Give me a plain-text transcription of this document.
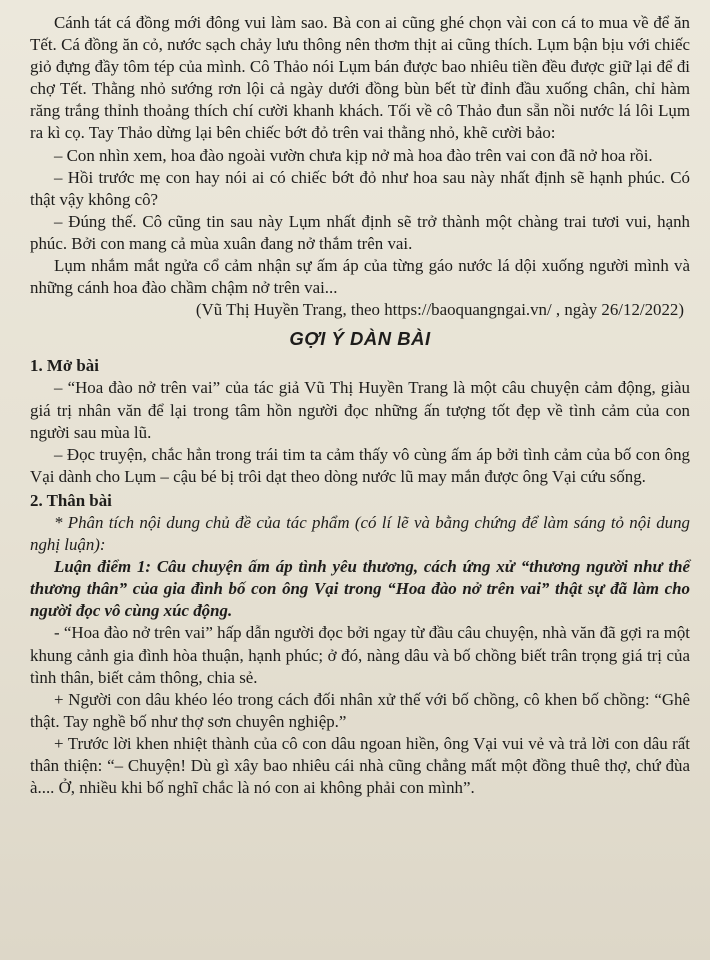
Cánh tát cá đồng mới đông vui làm sao. Bà con ai cũng ghé chọn vài con cá to mua về để ăn Tết. Cá đồng ăn cỏ, nước sạch chảy lưu thông nên thơm thịt ai cũng thích. Lụm bận bịu với chiếc giỏ đựng đầy tôm tép của mình. Cô Thảo nói Lụm bán được bao nhiêu tiền đều được giữ lại để đi chợ Tết. Thằng nhỏ sướng rơn lội cả ngày dưới đồng bùn bết từ đỉnh đầu xuống chân, chỉ hàm răng trắng thỉnh thoảng thích chí cười khanh khách. Tối về cô Thảo đun sẵn nồi nước lá lôi Lụm ra kì cọ. Tay Thảo dừng lại bên chiếc bớt đỏ trên vai thằng nhỏ, khẽ cười bảo:

– Con nhìn xem, hoa đào ngoài vườn chưa kịp nở mà hoa đào trên vai con đã nở hoa rồi.

– Hồi trước mẹ con hay nói ai có chiếc bớt đỏ như hoa sau này nhất định sẽ hạnh phúc. Có thật vậy không cô?

– Đúng thế. Cô cũng tin sau này Lụm nhất định sẽ trở thành một chàng trai tươi vui, hạnh phúc. Bởi con mang cả mùa xuân đang nở thắm trên vai.

Lụm nhắm mắt ngửa cổ cảm nhận sự ấm áp của từng gáo nước lá dội xuống người mình và những cánh hoa đào chầm chậm nở trên vai...

(Vũ Thị Huyền Trang, theo https://baoquangngai.vn/ , ngày 26/12/2022)

GỢI Ý DÀN BÀI

1. Mở bài

– “Hoa đào nở trên vai” của tác giả Vũ Thị Huyền Trang là một câu chuyện cảm động, giàu giá trị nhân văn để lại trong tâm hồn người đọc những ấn tượng tốt đẹp về tình cảm của con người sau mùa lũ.

– Đọc truyện, chắc hẳn trong trái tim ta cảm thấy vô cùng ấm áp bởi tình cảm của bố con ông Vại dành cho Lụm – cậu bé bị trôi dạt theo dòng nước lũ may mắn được ông Vại cứu sống.

2. Thân bài

* Phân tích nội dung chủ đề của tác phẩm (có lí lẽ và bằng chứng để làm sáng tỏ nội dung nghị luận):

Luận điểm 1: Câu chuyện ấm áp tình yêu thương, cách ứng xử “thương người như thể thương thân” của gia đình bố con ông Vại trong “Hoa đào nở trên vai” thật sự đã làm cho người đọc vô cùng xúc động.

- “Hoa đào nở trên vai” hấp dẫn người đọc bởi ngay từ đầu câu chuyện, nhà văn đã gợi ra một khung cảnh gia đình hòa thuận, hạnh phúc; ở đó, nàng dâu và bố chồng biết trân trọng giá trị của tình thân, biết cảm thông, chia sẻ.

+ Người con dâu khéo léo trong cách đối nhân xử thế với bố chồng, cô khen bố chồng: “Ghê thật. Tay nghề bố như thợ sơn chuyên nghiệp.”

+ Trước lời khen nhiệt thành của cô con dâu ngoan hiền, ông Vại vui vẻ và trả lời con dâu rất thân thiện: “– Chuyện! Dù gì xây bao nhiêu cái nhà cũng chẳng mất một đồng thuê thợ, chứ đùa à.... Ở, nhiều khi bố nghĩ chắc là nó con ai không phải con mình”.
